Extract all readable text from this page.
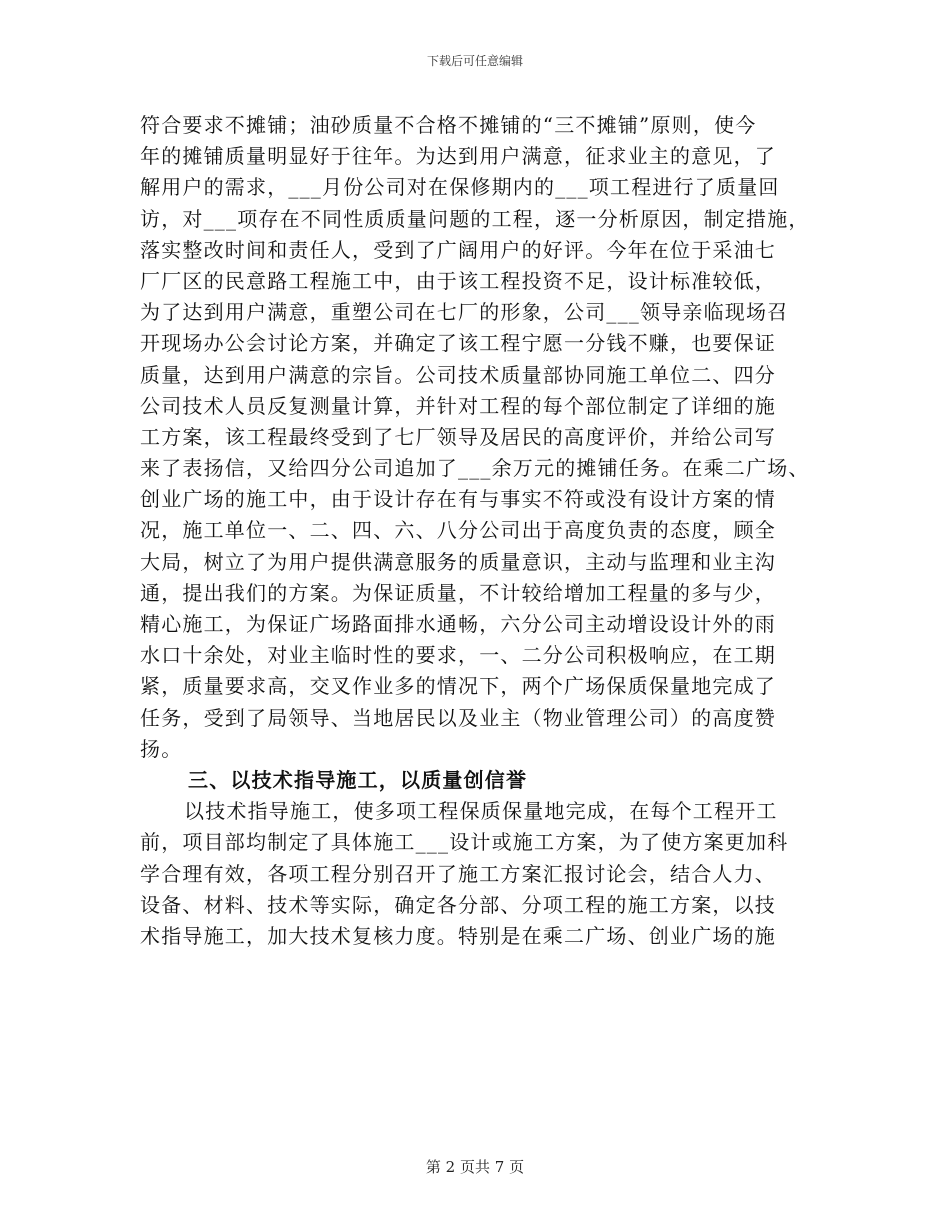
下载后可任意编辑
符合要求不摊铺；油砂质量不合格不摊铺的“三不摊铺”原则，使今
年的摊铺质量明显好于往年。为达到用户满意，征求业主的意见，了
解用户的需求，___月份公司对在保修期内的___项工程进行了质量回
访，对___项存在不同性质质量问题的工程，逐一分析原因，制定措施，
落实整改时间和责任人，受到了广阔用户的好评。今年在位于采油七
厂厂区的民意路工程施工中，由于该工程投资不足，设计标准较低，
为了达到用户满意，重塑公司在七厂的形象，公司___领导亲临现场召
开现场办公会讨论方案，并确定了该工程宁愿一分钱不赚，也要保证
质量，达到用户满意的宗旨。公司技术质量部协同施工单位二、四分
公司技术人员反复测量计算，并针对工程的每个部位制定了详细的施
工方案，该工程最终受到了七厂领导及居民的高度评价，并给公司写
来了表扬信，又给四分公司追加了___余万元的摊铺任务。在乘二广场、
创业广场的施工中，由于设计存在有与事实不符或没有设计方案的情
况，施工单位一、二、四、六、八分公司出于高度负责的态度，顾全
大局，树立了为用户提供满意服务的质量意识，主动与监理和业主沟
通，提出我们的方案。为保证质量，不计较给增加工程量的多与少，
精心施工，为保证广场路面排水通畅，六分公司主动增设设计外的雨
水口十余处，对业主临时性的要求，一、二分公司积极响应，在工期
紧，质量要求高，交叉作业多的情况下，两个广场保质保量地完成了
任务，受到了局领导、当地居民以及业主（物业管理公司）的高度赞
扬。
三、以技术指导施工，以质量创信誉
以技术指导施工，使多项工程保质保量地完成，在每个工程开工
前，项目部均制定了具体施工___设计或施工方案，为了使方案更加科
学合理有效，各项工程分别召开了施工方案汇报讨论会，结合人力、
设备、材料、技术等实际，确定各分部、分项工程的施工方案，以技
术指导施工，加大技术复核力度。特别是在乘二广场、创业广场的施
第 2 页共 7 页
